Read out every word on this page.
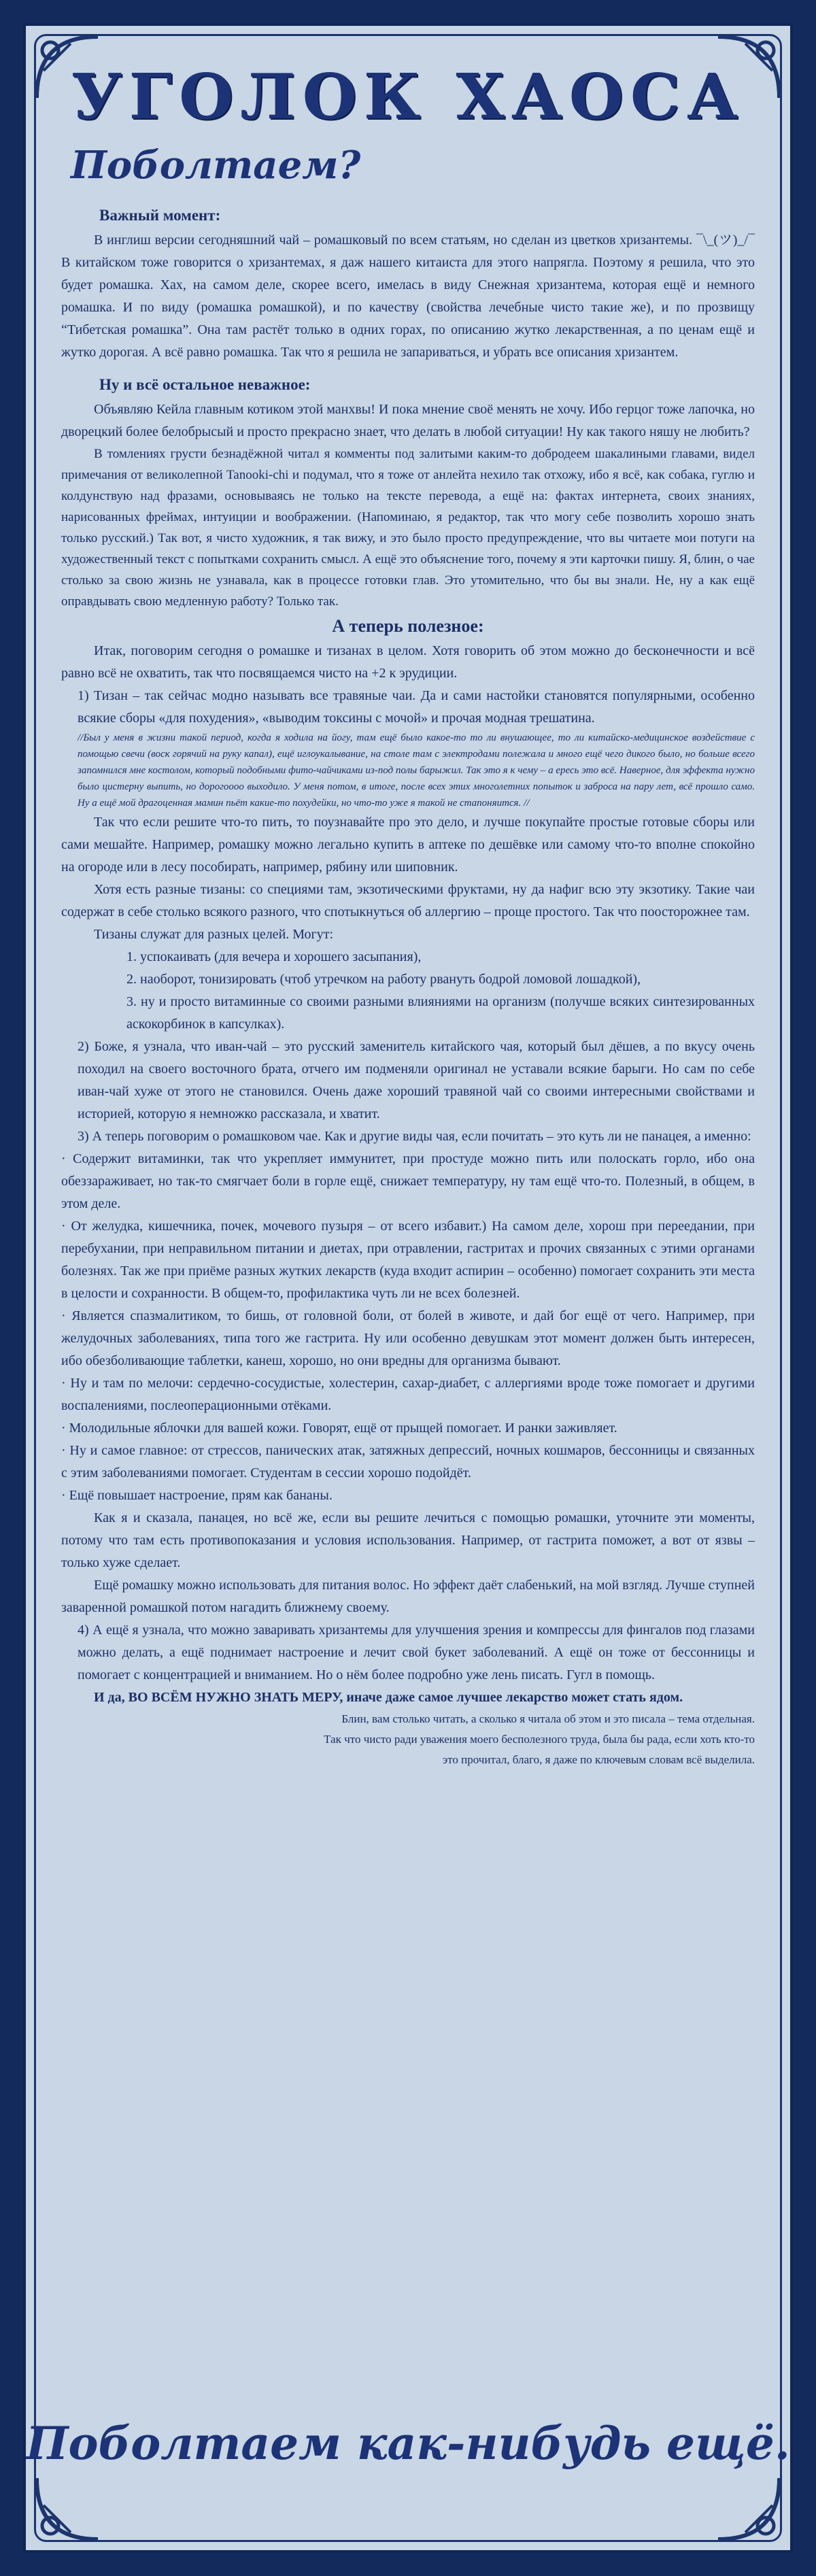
УГОЛОК ХАОСА
Поболтаем?

Важный момент:

В инглиш версии сегодняшний чай – ромашковый по всем статьям, но сделан из цветков хризантемы. ¯\_(ツ)_/¯ В китайском тоже говорится о хризантемах, я даж нашего китаиста для этого напрягла. Поэтому я решила, что это будет ромашка. Хах, на самом деле, скорее всего, имелась в виду Снежная хризантема, которая ещё и немного ромашка. И по виду (ромашка ромашкой), и по качеству (свойства лечебные чисто такие же), и по прозвищу “Тибетская ромашка”. Она там растёт только в одних горах, по описанию жутко лекарственная, а по ценам ещё и жутко дорогая. А всё равно ромашка. Так что я решила не запариваться, и убрать все описания хризантем.

Ну и всё остальное неважное:

Объявляю Кейла главным котиком этой манхвы! И пока мнение своё менять не хочу. Ибо герцог тоже лапочка, но дворецкий более белобрысый и просто прекрасно знает, что делать в любой ситуации! Ну как такого няшу не любить?

В томлениях грусти безнадёжной читал я комменты под залитыми каким-то добродеем шакалиными главами, видел примечания от великолепной Tanooki-chi и подумал, что я тоже от анлейта нехило так отхожу, ибо я всё, как собака, гуглю и колдунствую над фразами, основываясь не только на тексте перевода, а ещё на: фактах интернета, своих знаниях, нарисованных фреймах, интуиции и воображении. (Напоминаю, я редактор, так что могу себе позволить хорошо знать только русский.) Так вот, я чисто художник, я так вижу, и это было просто предупреждение, что вы читаете мои потуги на художественный текст с попытками сохранить смысл. А ещё это объяснение того, почему я эти карточки пишу. Я, блин, о чае столько за свою жизнь не узнавала, как в процессе готовки глав. Это утомительно, что бы вы знали. Не, ну а как ещё оправдывать свою медленную работу? Только так.

А теперь полезное:

Итак, поговорим сегодня о ромашке и тизанах в целом. Хотя говорить об этом можно до бесконечности и всё равно всё не охватить, так что посвящаемся чисто на +2 к эрудиции.

1) Тизан – так сейчас модно называть все травяные чаи. Да и сами настойки становятся популярными, особенно всякие сборы «для похудения», «выводим токсины с мочой» и прочая модная трешатина.

//Был у меня в жизни такой период, когда я ходила на йогу, там ещё было какое-то то ли внушающее, то ли китайско-медицинское воздействие с помощью свечи (воск горячий на руку капал), ещё иглоукалывание, на столе там с электродами полежала и много ещё чего дикого было, но больше всего запомнился мне костолом, который подобными фито-чайчиками из-под полы барыжил. Так это я к чему – а ересь это всё. Наверное, для эффекта нужно было цистерну выпить, но дорогоооо выходило. У меня потом, в итоге, после всех этих многолетних попыток и заброса на пару лет, всё прошло само. Ну а ещё мой драгоценная мамин пьёт какие-то похудейки, но что-то уже я такой не стапоняится. //

Так что если решите что-то пить, то поузнавайте про это дело, и лучше покупайте простые готовые сборы или сами мешайте. Например, ромашку можно легально купить в аптеке по дешёвке или самому что-то вполне спокойно на огороде или в лесу пособирать, например, рябину или шиповник.

Хотя есть разные тизаны: со специями там, экзотическими фруктами, ну да нафиг всю эту экзотику. Такие чаи содержат в себе столько всякого разного, что спотыкнуться об аллергию – проще простого. Так что поосторожнее там.

Тизаны служат для разных целей. Могут:

1. успокаивать (для вечера и хорошего засыпания),

2. наоборот, тонизировать (чтоб утречком на работу рвануть бодрой ломовой лошадкой),

3. ну и просто витаминные со своими разными влияниями на организм (получше всяких синтезированных аскокорбинок в капсулках).

2) Боже, я узнала, что иван-чай – это русский заменитель китайского чая, который был дёшев, а по вкусу очень походил на своего восточного брата, отчего им подменяли оригинал не уставали всякие барыги. Но сам по себе иван-чай хуже от этого не становился. Очень даже хороший травяной чай со своими интересными свойствами и историей, которую я немножко рассказала, и хватит.

3) А теперь поговорим о ромашковом чае. Как и другие виды чая, если почитать – это куть ли не панацея, а именно:

· Содержит витаминки, так что укрепляет иммунитет, при простуде можно пить или полоскать горло, ибо она обеззараживает, но так-то смягчает боли в горле ещё, снижает температуру, ну там ещё что-то. Полезный, в общем, в этом деле.

· От желудка, кишечника, почек, мочевого пузыря – от всего избавит.) На самом деле, хорош при переедании, при перебухании, при неправильном питании и диетах, при отравлении, гастритах и прочих связанных с этими органами болезнях. Так же при приёме разных жутких лекарств (куда входит аспирин – особенно) помогает сохранить эти места в целости и сохранности. В общем-то, профилактика чуть ли не всех болезней.

· Является спазмалитиком, то бишь, от головной боли, от болей в животе, и дай бог ещё от чего. Например, при желудочных заболеваниях, типа того же гастрита. Ну или особенно девушкам этот момент должен быть интересен, ибо обезболивающие таблетки, канеш, хорошо, но они вредны для организма бывают.

· Ну и там по мелочи: сердечно-сосудистые, холестерин, сахар-диабет, с аллергиями вроде тоже помогает и другими воспалениями, послеоперационными отёками.

· Молодильные яблочки для вашей кожи. Говорят, ещё от прыщей помогает. И ранки заживляет.

· Ну и самое главное: от стрессов, панических атак, затяжных депрессий, ночных кошмаров, бессонницы и связанных с этим заболеваниями помогает. Студентам в сессии хорошо подойдёт.

· Ещё повышает настроение, прям как бананы.

Как я и сказала, панацея, но всё же, если вы решите лечиться с помощью ромашки, уточните эти моменты, потому что там есть противопоказания и условия использования. Например, от гастрита поможет, а вот от язвы – только хуже сделает.

Ещё ромашку можно использовать для питания волос. Но эффект даёт слабенький, на мой взгляд. Лучше ступней заваренной ромашкой потом нагадить ближнему своему.

4) А ещё я узнала, что можно заваривать хризантемы для улучшения зрения и компрессы для фингалов под глазами можно делать, а ещё поднимает настроение и лечит свой букет заболеваний. А ещё он тоже от бессонницы и помогает с концентрацией и вниманием. Но о нём более подробно уже лень писать. Гугл в помощь.

И да, ВО ВСЁМ НУЖНО ЗНАТЬ МЕРУ, иначе даже самое лучшее лекарство может стать ядом.

Блин, вам столько читать, а сколько я читала об этом и это писала – тема отдельная.

Так что чисто ради уважения моего бесполезного труда, была бы рада, если хоть кто-то

это прочитал, благо, я даже по ключевым словам всё выделила.

Поболтаем как-нибудь ещё.
